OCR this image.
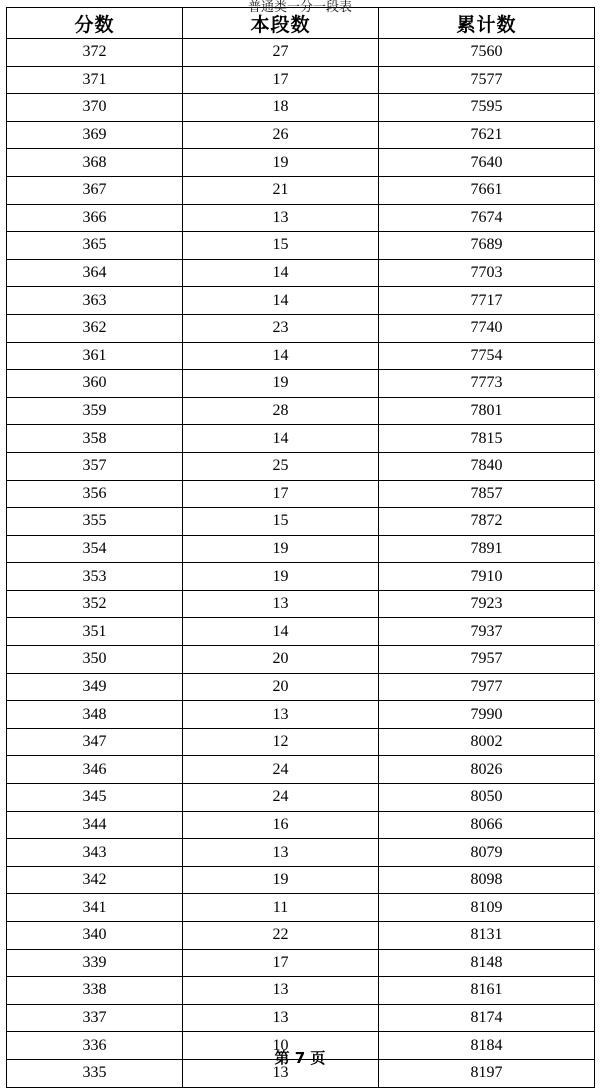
普通类一分一段表
分数	本段数	累计数
372	27	7560
371	17	7577
370	18	7595
369	26	7621
368	19	7640
367	21	7661
366	13	7674
365	15	7689
364	14	7703
363	14	7717
362	23	7740
361	14	7754
360	19	7773
359	28	7801
358	14	7815
357	25	7840
356	17	7857
355	15	7872
354	19	7891
353	19	7910
352	13	7923
351	14	7937
350	20	7957
349	20	7977
348	13	7990
347	12	8002
346	24	8026
345	24	8050
344	16	8066
343	13	8079
342	19	8098
341	11	8109
340	22	8131
339	17	8148
338	13	8161
337	13	8174
336	10	8184
335	13	8197
第 7 页
